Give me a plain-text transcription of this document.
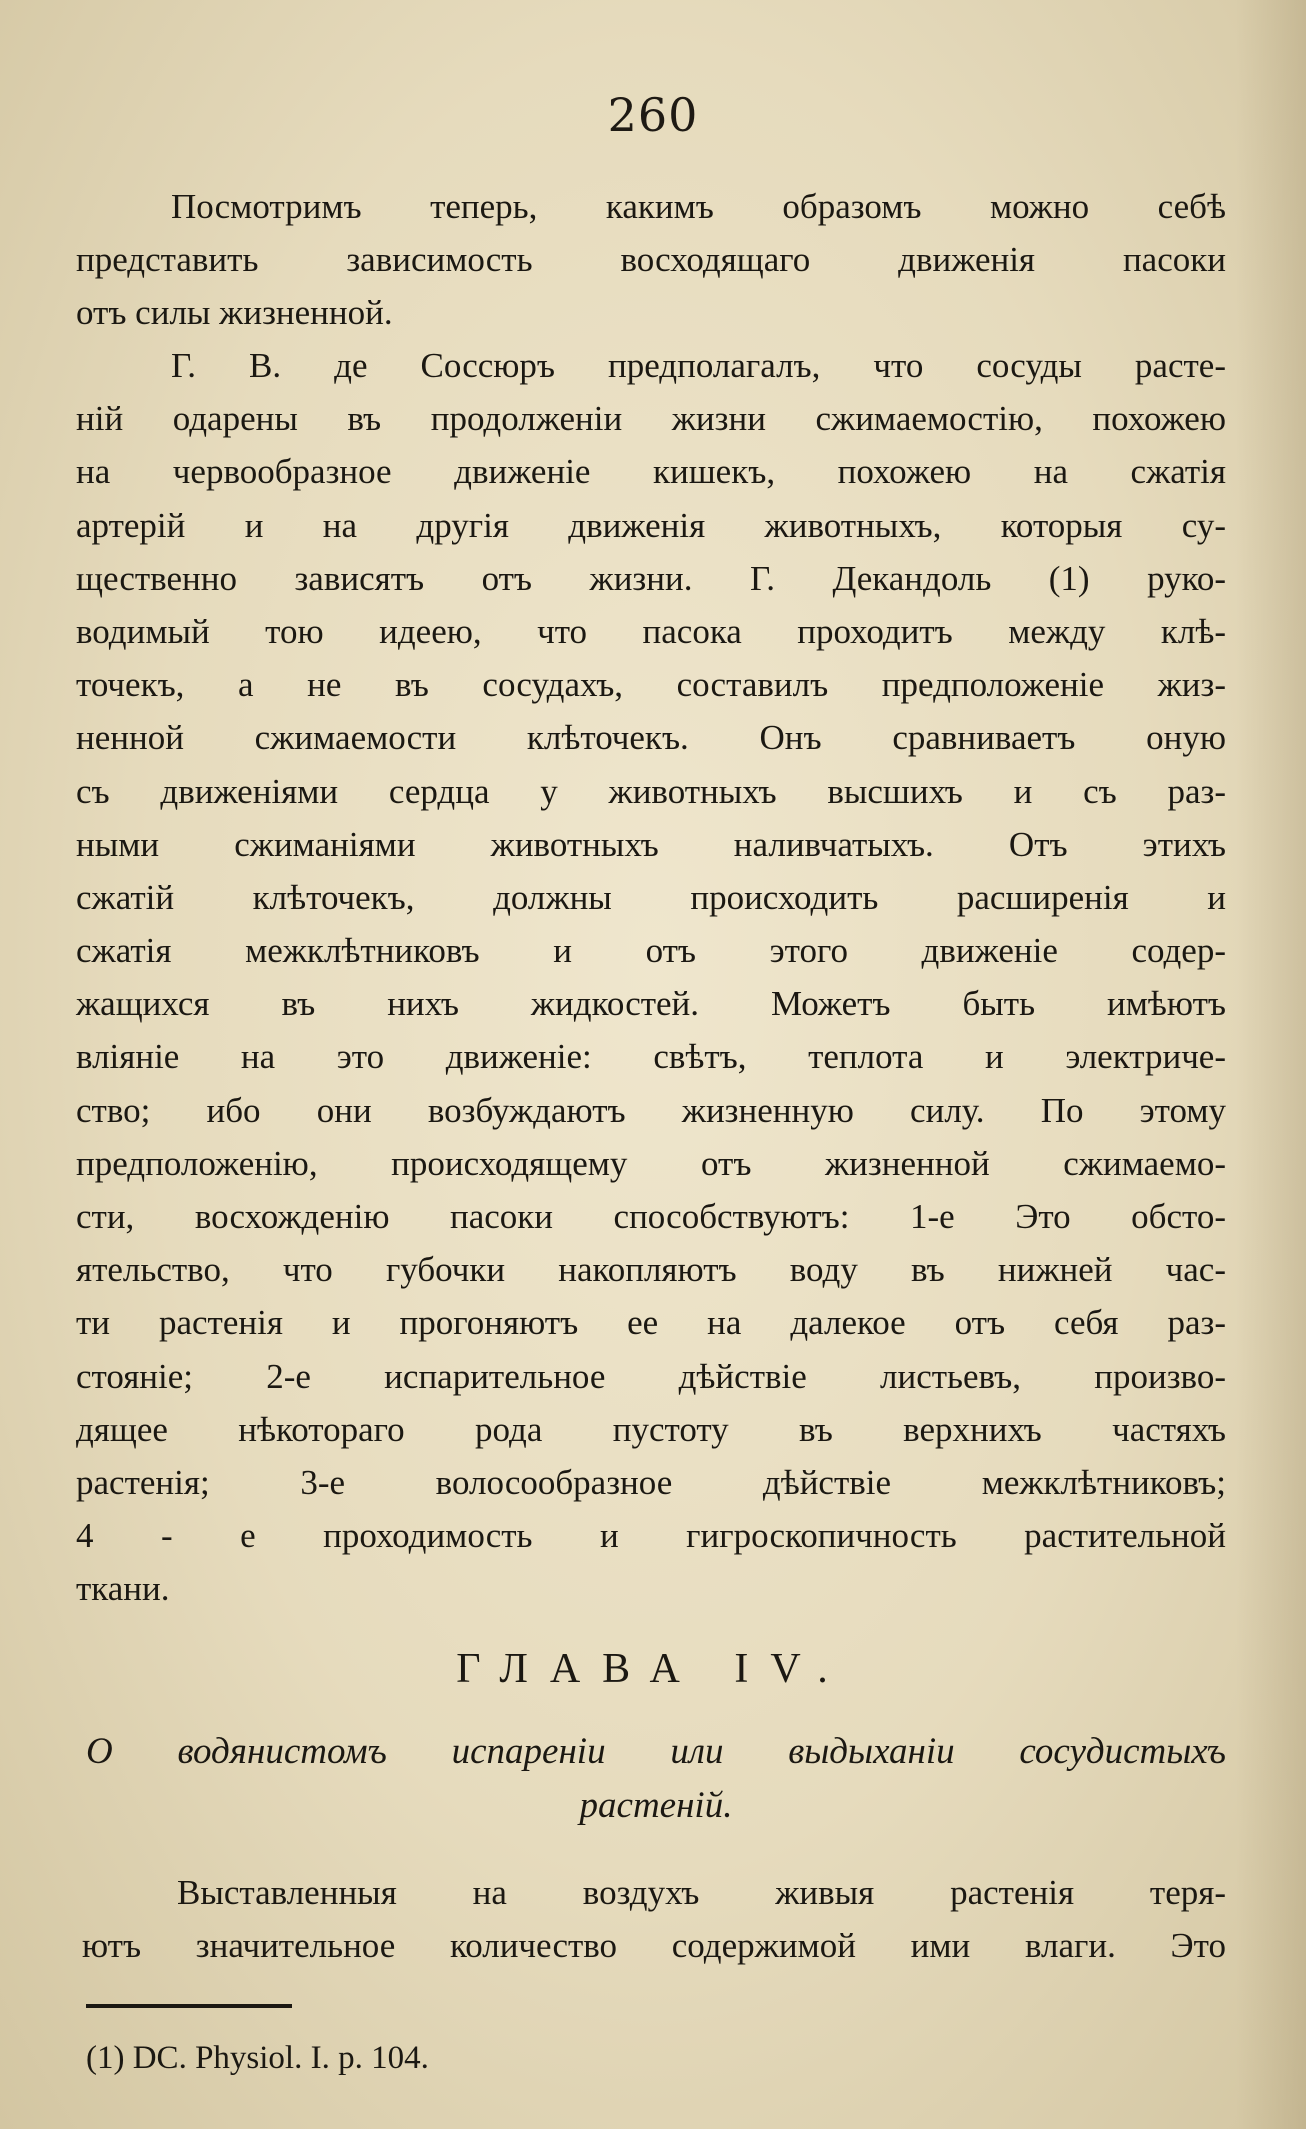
260
Посмотримъ теперь, какимъ образомъ можно себѣ
представить зависимость восходящаго движенія пасоки
отъ силы жизненной.
Г. В. де Соссюръ предполагалъ, что сосуды расте-
ній одарены въ продолженіи жизни сжимаемостію, похожею
на червообразное движеніе кишекъ, похожею на сжатія
артерій и на другія движенія животныхъ, которыя су-
щественно зависятъ отъ жизни. Г. Декандоль (1) руко-
водимый тою идеею, что пасока проходитъ между клѣ-
точекъ, а не въ сосудахъ, составилъ предположеніе жиз-
ненной сжимаемости клѣточекъ. Онъ сравниваетъ оную
съ движеніями сердца у животныхъ высшихъ и съ раз-
ными сжиманіями животныхъ наливчатыхъ. Отъ этихъ
сжатій клѣточекъ, должны происходить расширенія и
сжатія межклѣтниковъ и отъ этого движеніе содер-
жащихся въ нихъ жидкостей. Можетъ быть имѣютъ
вліяніе на это движеніе: свѣтъ, теплота и электриче-
ство; ибо они возбуждаютъ жизненную силу. По этому
предположенію, происходящему отъ жизненной сжимаемо-
сти, восхожденію пасоки способствуютъ: 1-е Это обсто-
ятельство, что губочки накопляютъ воду въ нижней час-
ти растенія и прогоняютъ ее на далекое отъ себя раз-
стояніе; 2-е испарительное дѣйствіе листьевъ, произво-
дящее нѣкотораго рода пустоту въ верхнихъ частяхъ
растенія; 3-е волосообразное дѣйствіе межклѣтниковъ;
4 - е проходимость и гигроскопичность растительной
ткани.
ГЛАВА IV.
О водянистомъ испареніи или выдыханіи сосудистыхъ
растеній.
Выставленныя на воздухъ живыя растенія теря-
ютъ значительное количество содержимой ими влаги. Это
(1) DC. Physiol. I. p. 104.
